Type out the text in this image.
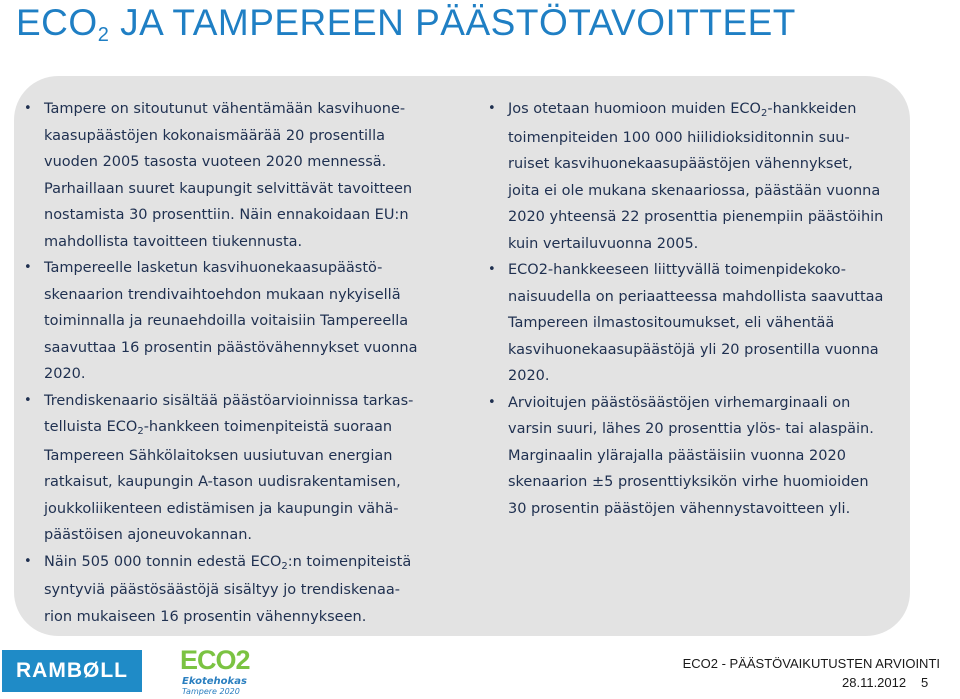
$ECO_2$ JA TAMPEREEN PÄÄSTÖTAVOITTEET
• Tampere on sitoutunut vähentämään kasvihuone-
kaasupäästöjen kokonaismäärää 20 prosentilla
vuoden 2005 tasosta vuoteen 2020 mennessä.
Parhaillaan suuret kaupungit selvittävät tavoitteen
nostamista 30 prosenttiin. Näin ennakoidaan EU:n
mahdollista tavoitteen tiukennusta.
• Tampereelle lasketun kasvihuonekaasupäästö-
skenaarion trendivaihtoehdon mukaan nykyisellä
toiminnalla ja reunaehdoilla voitaisiin Tampereella
saavuttaa 16 prosentin päästövähennykset vuonna
2020.
• Trendiskenaario sisältää päästöarvioinnissa tarkas-
telluista $ECO_2$-hankkeen toimenpiteistä suoraan
Tampereen Sähkölaitoksen uusiutuvan energian
ratkaisut, kaupungin A-tason uudisrakentamisen,
joukkoliikenteen edistämisen ja kaupungin vähä-
päästöisen ajoneuvokannan.
• Näin 505 000 tonnin edestä $ECO_2:n$ toimenpiteistä
syntyviä päästösäästöjä sisältyy jo trendiskenaa-
rion mukaiseen 16 prosentin vähennykseen.
• Jos otetaan huomioon muiden $ECO_2$-hankkeiden
toimenpiteiden 100 000 hiilidioksiditonnin suu-
ruiset kasvihuonekaasupäästöjen vähennykset,
joita ei ole mukana skenaariossa, päästään vuonna
2020 yhteensä 22 prosenttia pienempiin päästöihin
kuin vertailuvuonna 2005.
• ECO2-hankkeeseen liittyvällä toimenpidekoko-
naisuudella on periaatteessa mahdollista saavuttaa
Tampereen ilmastositoumukset, eli vähentää
kasvihuonekaasupäästöjä yli 20 prosentilla vuonna
2020.
• Arvioitujen päästösäästöjen virhemarginaali on
varsin suuri, lähes 20 prosenttia ylös- tai alaspäin.
Marginaalin ylärajalla päästäisiin vuonna 2020
skenaarion ±5 prosenttiyksikön virhe huomioiden
30 prosentin päästöjen vähennystavoitteen yli.
RAMBØLL ECO2
Ekotehokas
Tampere 2020
ECO2 - PÄÄSTÖVAIKUTUSTEN ARVIOINTI
28.11.2012 5
